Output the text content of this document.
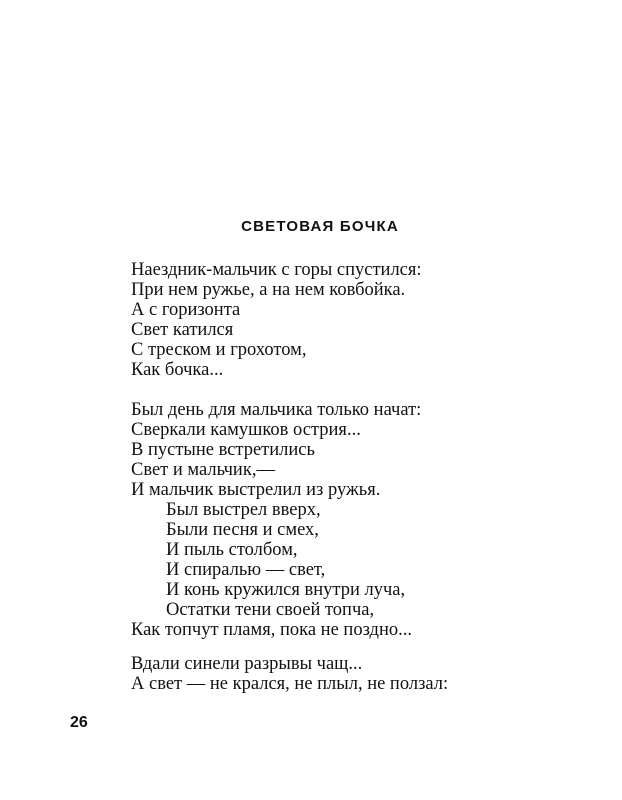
СВЕТОВАЯ БОЧКА
Наездник-мальчик с горы спустился:
При нем ружье, а на нем ковбойка.
А с горизонта
Свет катился
С треском и грохотом,
Как бочка...
Был день для мальчика только начат:
Сверкали камушков острия...
В пустыне встретились
Свет и мальчик,—
И мальчик выстрелил из ружья.
Был выстрел вверх,
Были песня и смех,
И пыль столбом,
И спиралью — свет,
И конь кружился внутри луча,
Остатки тени своей топча,
Как топчут пламя, пока не поздно...
Вдали синели разрывы чащ...
А свет — не крался, не плыл, не ползал:
26
